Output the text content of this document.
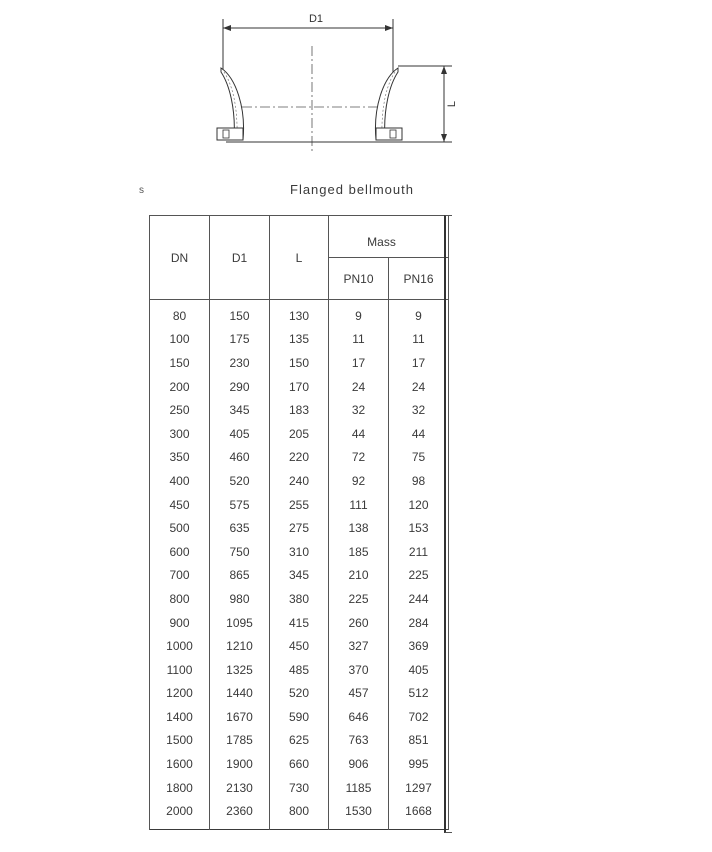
D1
L
ѕ	Flanged bellmouth
DN	D1	L	Mass	
			PN10	PN16
80	150	130	9	9
100	175	135	11	11
150	230	150	17	17
200	290	170	24	24
250	345	183	32	32
300	405	205	44	44
350	460	220	72	75
400	520	240	92	98
450	575	255	111	120
500	635	275	138	153
600	750	310	185	211
700	865	345	210	225
800	980	380	225	244
900	1095	415	260	284
1000	1210	450	327	369
1100	1325	485	370	405
1200	1440	520	457	512
1400	1670	590	646	702
1500	1785	625	763	851
1600	1900	660	906	995
1800	2130	730	1185	1297
2000	2360	800	1530	1668
